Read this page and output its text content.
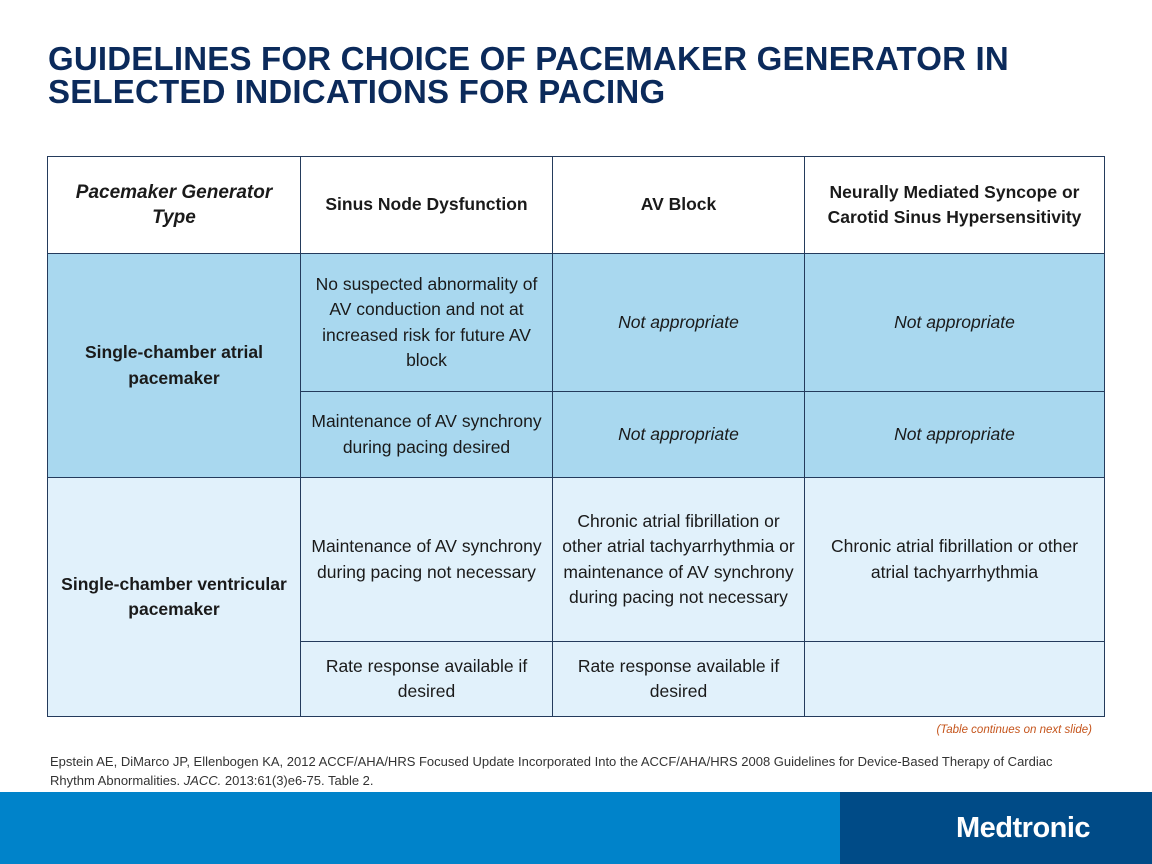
GUIDELINES FOR CHOICE OF PACEMAKER GENERATOR IN SELECTED INDICATIONS FOR PACING
Pacemaker Generator Type	Sinus Node Dysfunction	AV Block	Neurally Mediated Syncope or Carotid Sinus Hypersensitivity
Single-chamber atrial pacemaker	No suspected abnormality of AV conduction and not at increased risk for future AV block	Not appropriate	Not appropriate
	Maintenance of AV synchrony during pacing desired	Not appropriate	Not appropriate
Single-chamber ventricular pacemaker	Maintenance of AV synchrony during pacing not necessary	Chronic atrial fibrillation or other atrial tachyarrhythmia or maintenance of AV synchrony during pacing not necessary	Chronic atrial fibrillation or other atrial tachyarrhythmia
	Rate response available if desired	Rate response available if desired	
(Table continues on next slide)
Epstein AE, DiMarco JP, Ellenbogen KA, 2012 ACCF/AHA/HRS Focused Update Incorporated Into the ACCF/AHA/HRS 2008 Guidelines for Device-Based Therapy of Cardiac Rhythm Abnormalities. JACC. 2013:61(3)e6-75. Table 2.
Medtronic
